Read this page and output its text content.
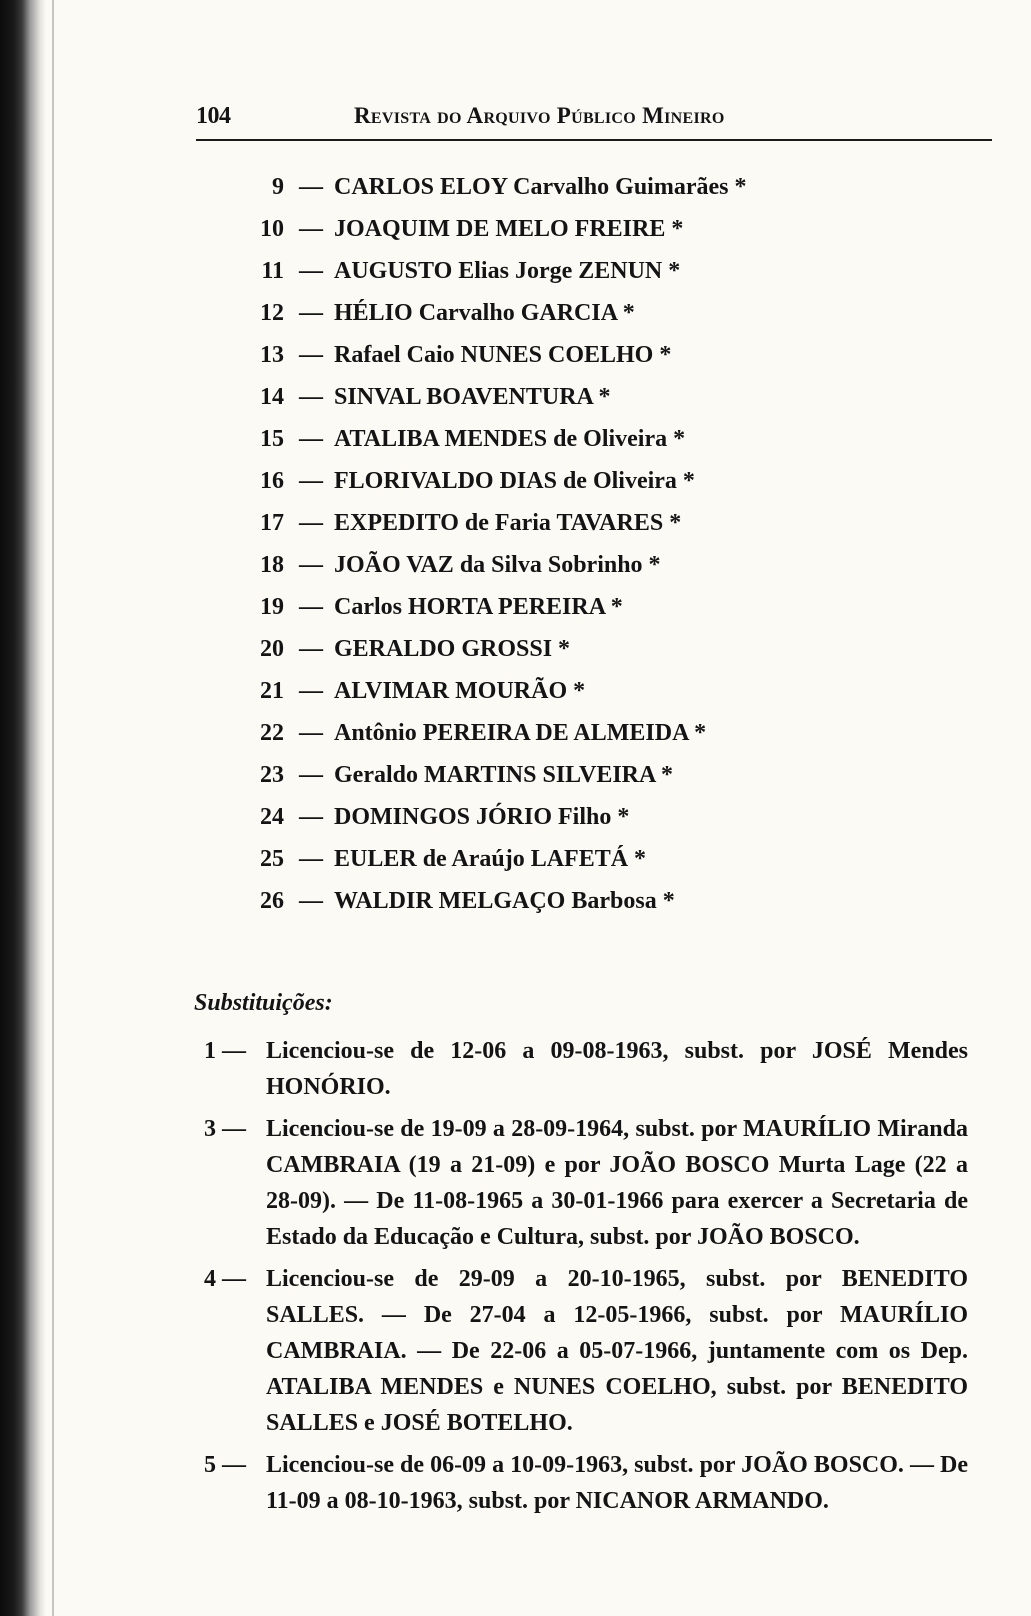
104	Revista do Arquivo Público Mineiro
9 — CARLOS ELOY Carvalho Guimarães *
10 — JOAQUIM DE MELO FREIRE *
11 — AUGUSTO Elias Jorge ZENUN *
12 — HÉLIO Carvalho GARCIA *
13 — Rafael Caio NUNES COELHO *
14 — SINVAL BOAVENTURA *
15 — ATALIBA MENDES de Oliveira *
16 — FLORIVALDO DIAS de Oliveira *
17 — EXPEDITO de Faria TAVARES *
18 — JOÃO VAZ da Silva Sobrinho *
19 — Carlos HORTA PEREIRA *
20 — GERALDO GROSSI *
21 — ALVIMAR MOURÃO *
22 — Antônio PEREIRA DE ALMEIDA *
23 — Geraldo MARTINS SILVEIRA *
24 — DOMINGOS JÓRIO Filho *
25 — EULER de Araújo LAFETÁ *
26 — WALDIR MELGAÇO Barbosa *
Substituições:
1 — Licenciou-se de 12-06 a 09-08-1963, subst. por JOSÉ Mendes HONÓRIO.
3 — Licenciou-se de 19-09 a 28-09-1964, subst. por MAURÍLIO Miranda CAMBRAIA (19 a 21-09) e por JOÃO BOSCO Murta Lage (22 a 28-09). — De 11-08-1965 a 30-01-1966 para exercer a Secretaria de Estado da Educação e Cultura, subst. por JOÃO BOSCO.
4 — Licenciou-se de 29-09 a 20-10-1965, subst. por BENEDITO SALLES. — De 27-04 a 12-05-1966, subst. por MAURÍLIO CAMBRAIA. — De 22-06 a 05-07-1966, juntamente com os Dep. ATALIBA MENDES e NUNES COELHO, subst. por BENEDITO SALLES e JOSÉ BOTELHO.
5 — Licenciou-se de 06-09 a 10-09-1963, subst. por JOÃO BOSCO. — De 11-09 a 08-10-1963, subst. por NICANOR ARMANDO.
